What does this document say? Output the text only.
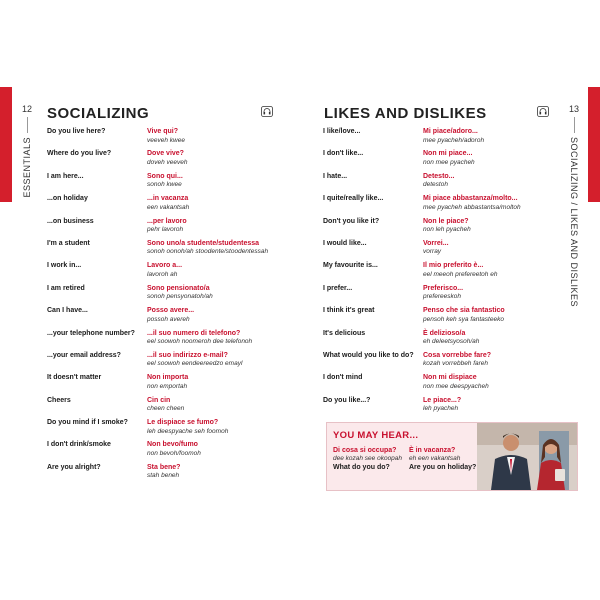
12
ESSENTIALS
SOCIALIZING
Do you live here?	Vive qui?
veeveh kwee
Where do you live?	Dove vive?
doveh veeveh
I am here...	Sono qui...
sonoh kwee
...on holiday	...in vacanza
een vakantsah
...on business	...per lavoro
pehr lavoroh
I'm a student	Sono uno/a studente/studentessa
sonoh oonoh/ah stoodente/stoodentessah
I work in...	Lavoro a...
lavoroh ah
I am retired	Sono pensionato/a
sonoh pensyonatoh/ah
Can I have...	Posso avere...
possoh avereh
...your telephone number? ...il suo numero di telefono?
eel soowoh noomeroh dee telefonoh
...your email address?	...il suo indirizzo e-mail?
eel soowoh eendeereedzo emayl
It doesn't matter	Non importa
non emportah
Cheers	Cin cin
cheen cheen
Do you mind if I smoke?	Le dispiace se fumo?
leh deespyache seh foomoh
I don't drink/smoke	Non bevo/fumo
non bevoh/foomoh
Are you alright?	Sta bene?
stah beneh
13
SOCIALIZING / LIKES AND DISLIKES
LIKES AND DISLIKES
I like/love...	Mi piace/adoro...
mee pyacheh/adoroh
I don't like...	Non mi piace...
non mee pyacheh
I hate...	Detesto...
detestoh
I quite/really like...	Mi piace abbastanza/molto...
mee pyacheh abbastantsa/moltoh
Don't you like it?	Non le piace?
non leh pyacheh
I would like...	Vorrei...
vorray
My favourite is...	Il mio preferito è...
eel meeoh prefereetoh eh
I prefer...	Preferisco...
prefereeskoh
I think it's great	Penso che sia fantastico
pensoh keh sya fantasteeko
It's delicious	È delizioso/a
eh deleetsyosoh/ah
What would you like to do? Cosa vorrebbe fare?
kozah vorrebbeh fareh
I don't mind	Non mi dispiace
non mee deespyacheh
Do you like...?	Le piace...?
leh pyacheh
YOU MAY HEAR...
Di cosa si occupa?
dee kozah see okoopah
What do you do?
È in vacanza?
eh een vakantsah
Are you on holiday?
